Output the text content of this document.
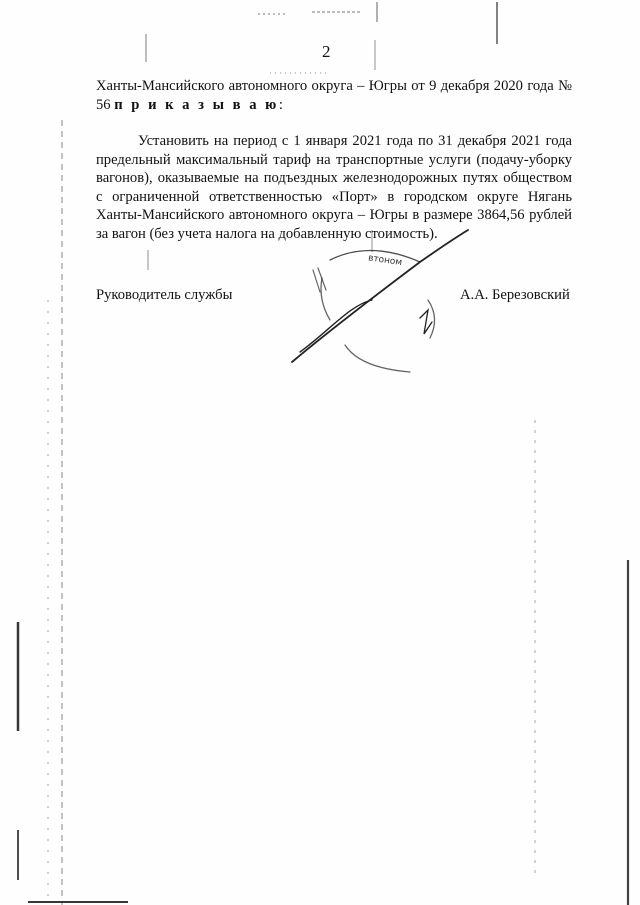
2

Ханты-Мансийского автономного округа – Югры от 9 декабря 2020 года № 56 п р и к а з ы в а ю:

Установить на период с 1 января 2021 года по 31 декабря 2021 года предельный максимальный тариф на транспортные услуги (подачу-уборку вагонов), оказываемые на подъездных железнодорожных путях обществом с ограниченной ответственностью «Порт» в городском округе Нягань Ханты-Мансийского автономного округа – Югры в размере 3864,56 рублей за вагон (без учета налога на добавленную стоимость).

втоном

Руководитель службы	А.А. Березовский
